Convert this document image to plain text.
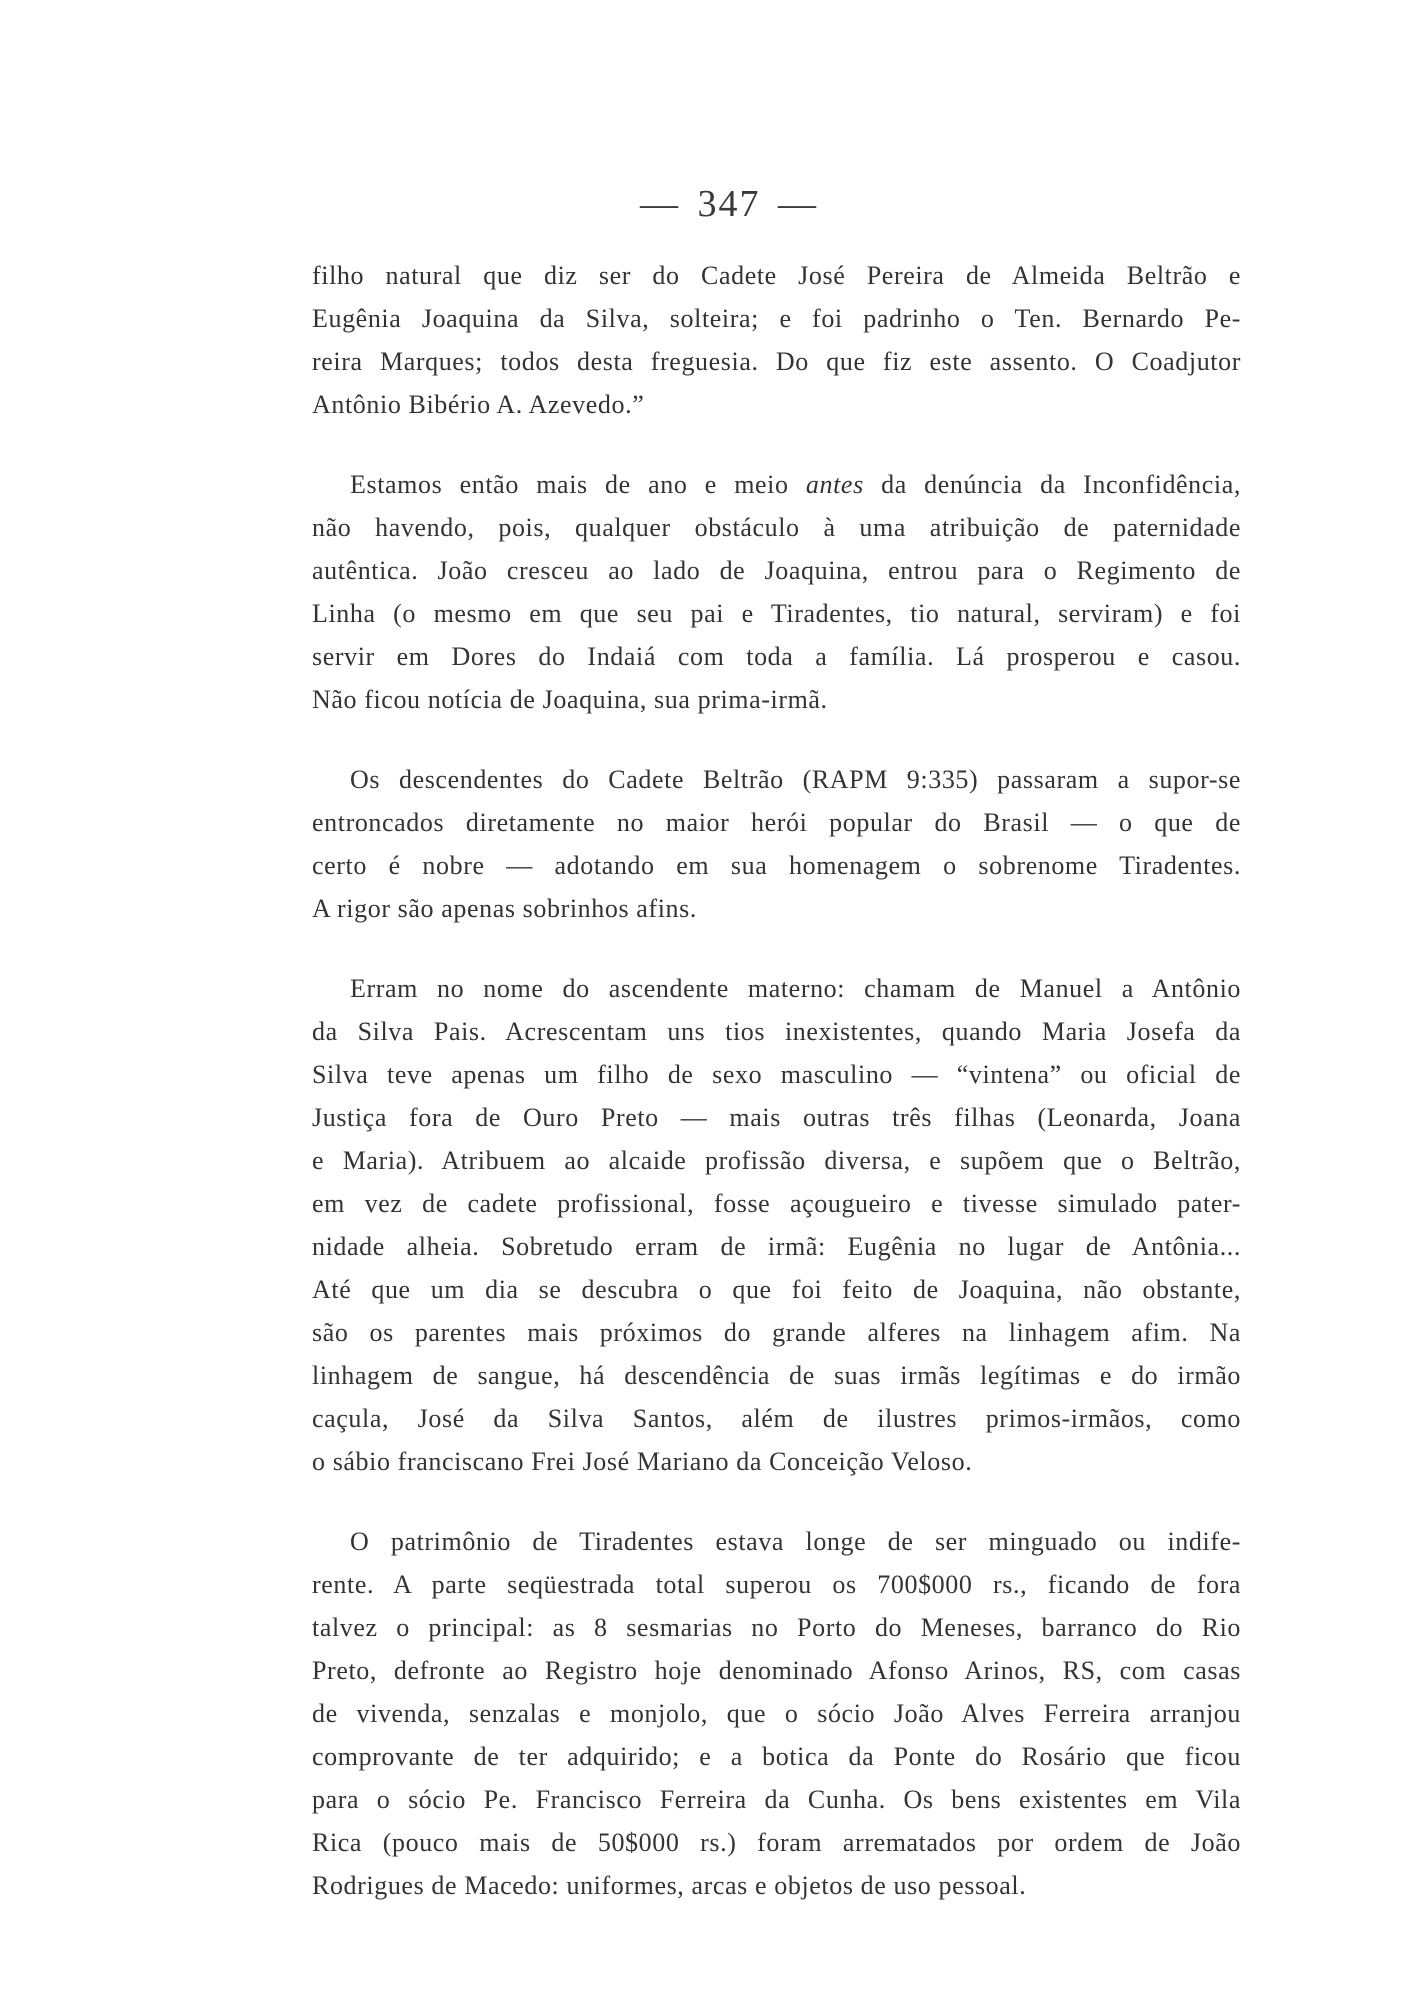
— 347 —
filho natural que diz ser do Cadete José Pereira de Almeida Beltrão e
Eugênia Joaquina da Silva, solteira; e foi padrinho o Ten. Bernardo Pe-
reira Marques; todos desta freguesia. Do que fiz este assento. O Coadjutor
Antônio Bibério A. Azevedo.”
Estamos então mais de ano e meio antes da denúncia da Inconfidência,
não havendo, pois, qualquer obstáculo à uma atribuição de paternidade
autêntica. João cresceu ao lado de Joaquina, entrou para o Regimento de
Linha (o mesmo em que seu pai e Tiradentes, tio natural, serviram) e foi
servir em Dores do Indaiá com toda a família. Lá prosperou e casou.
Não ficou notícia de Joaquina, sua prima-irmã.
Os descendentes do Cadete Beltrão (RAPM 9:335) passaram a supor-se
entroncados diretamente no maior herói popular do Brasil — o que de
certo é nobre — adotando em sua homenagem o sobrenome Tiradentes.
A rigor são apenas sobrinhos afins.
Erram no nome do ascendente materno: chamam de Manuel a Antônio
da Silva Pais. Acrescentam uns tios inexistentes, quando Maria Josefa da
Silva teve apenas um filho de sexo masculino — “vintena” ou oficial de
Justiça fora de Ouro Preto — mais outras três filhas (Leonarda, Joana
e Maria). Atribuem ao alcaide profissão diversa, e supõem que o Beltrão,
em vez de cadete profissional, fosse açougueiro e tivesse simulado pater-
nidade alheia. Sobretudo erram de irmã: Eugênia no lugar de Antônia...
Até que um dia se descubra o que foi feito de Joaquina, não obstante,
são os parentes mais próximos do grande alferes na linhagem afim. Na
linhagem de sangue, há descendência de suas irmãs legítimas e do irmão
caçula, José da Silva Santos, além de ilustres primos-irmãos, como
o sábio franciscano Frei José Mariano da Conceição Veloso.
O patrimônio de Tiradentes estava longe de ser minguado ou indife-
rente. A parte seqüestrada total superou os 700$000 rs., ficando de fora
talvez o principal: as 8 sesmarias no Porto do Meneses, barranco do Rio
Preto, defronte ao Registro hoje denominado Afonso Arinos, RS, com casas
de vivenda, senzalas e monjolo, que o sócio João Alves Ferreira arranjou
comprovante de ter adquirido; e a botica da Ponte do Rosário que ficou
para o sócio Pe. Francisco Ferreira da Cunha. Os bens existentes em Vila
Rica (pouco mais de 50$000 rs.) foram arrematados por ordem de João
Rodrigues de Macedo: uniformes, arcas e objetos de uso pessoal.
